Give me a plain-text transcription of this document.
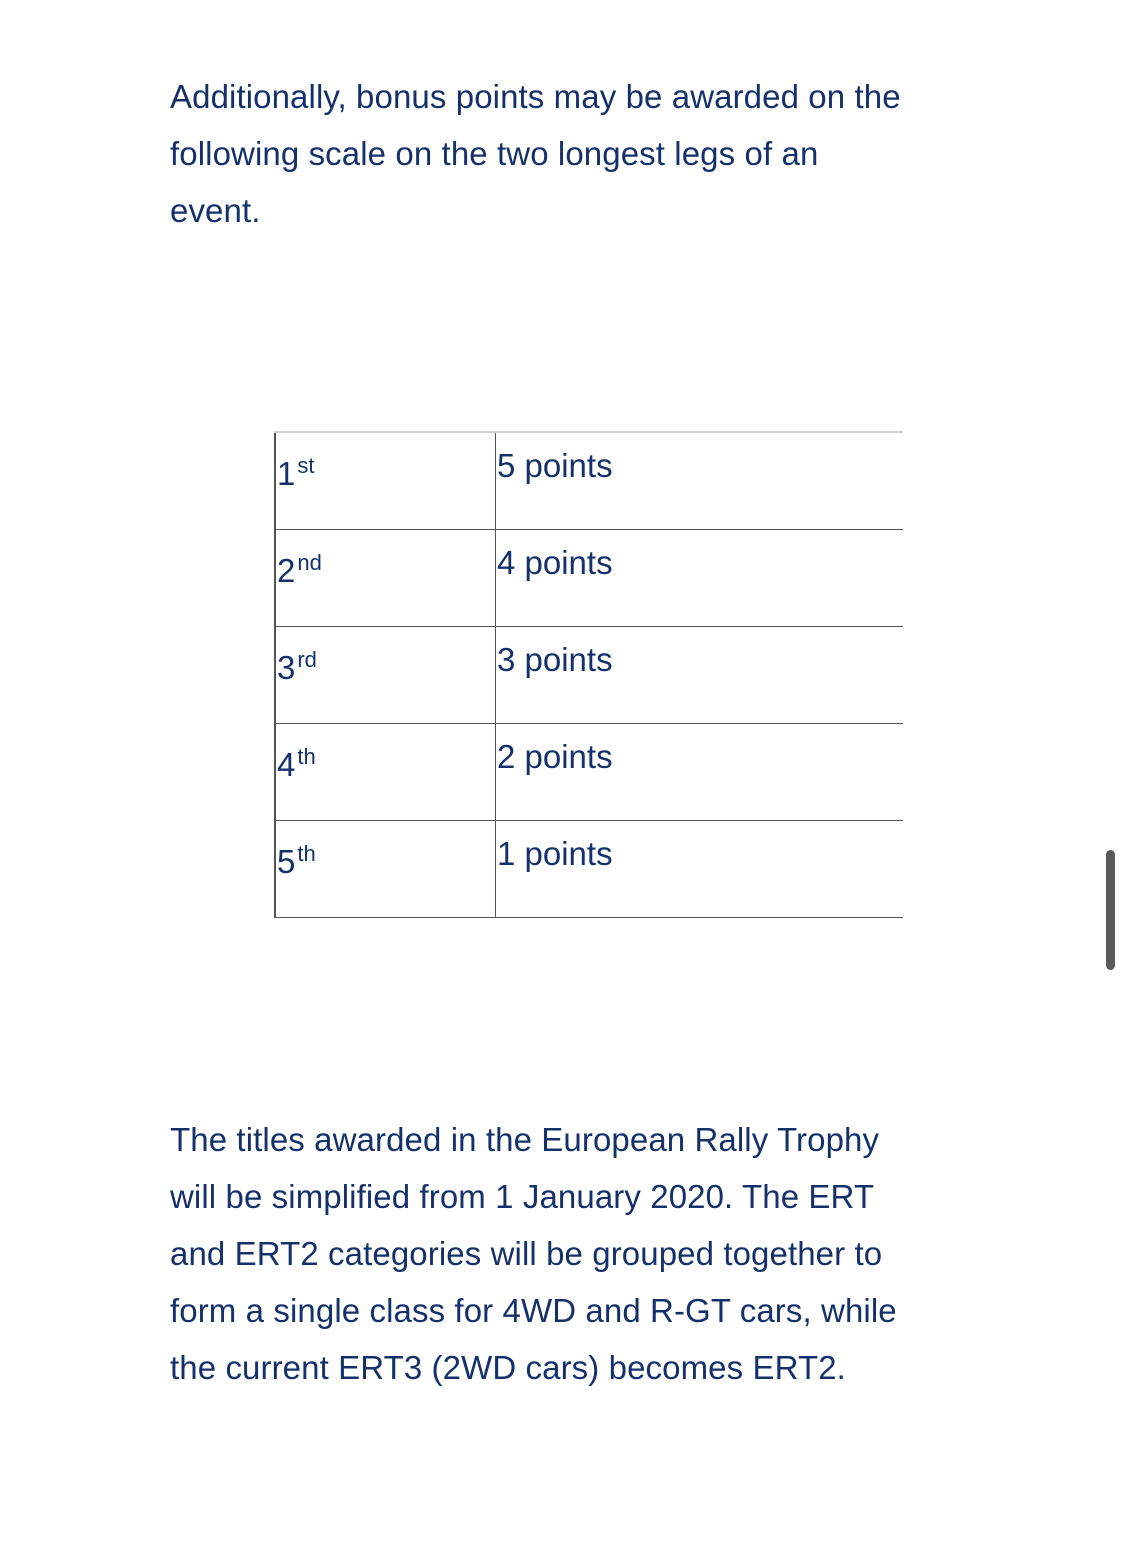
Additionally, bonus points may be awarded on the following scale on the two longest legs of an event.

1st	5 points

2nd	4 points

3rd	3 points

4th	2 points

5th	1 points

The titles awarded in the European Rally Trophy will be simplified from 1 January 2020. The ERT and ERT2 categories will be grouped together to form a single class for 4WD and R-GT cars, while the current ERT3 (2WD cars) becomes ERT2.
